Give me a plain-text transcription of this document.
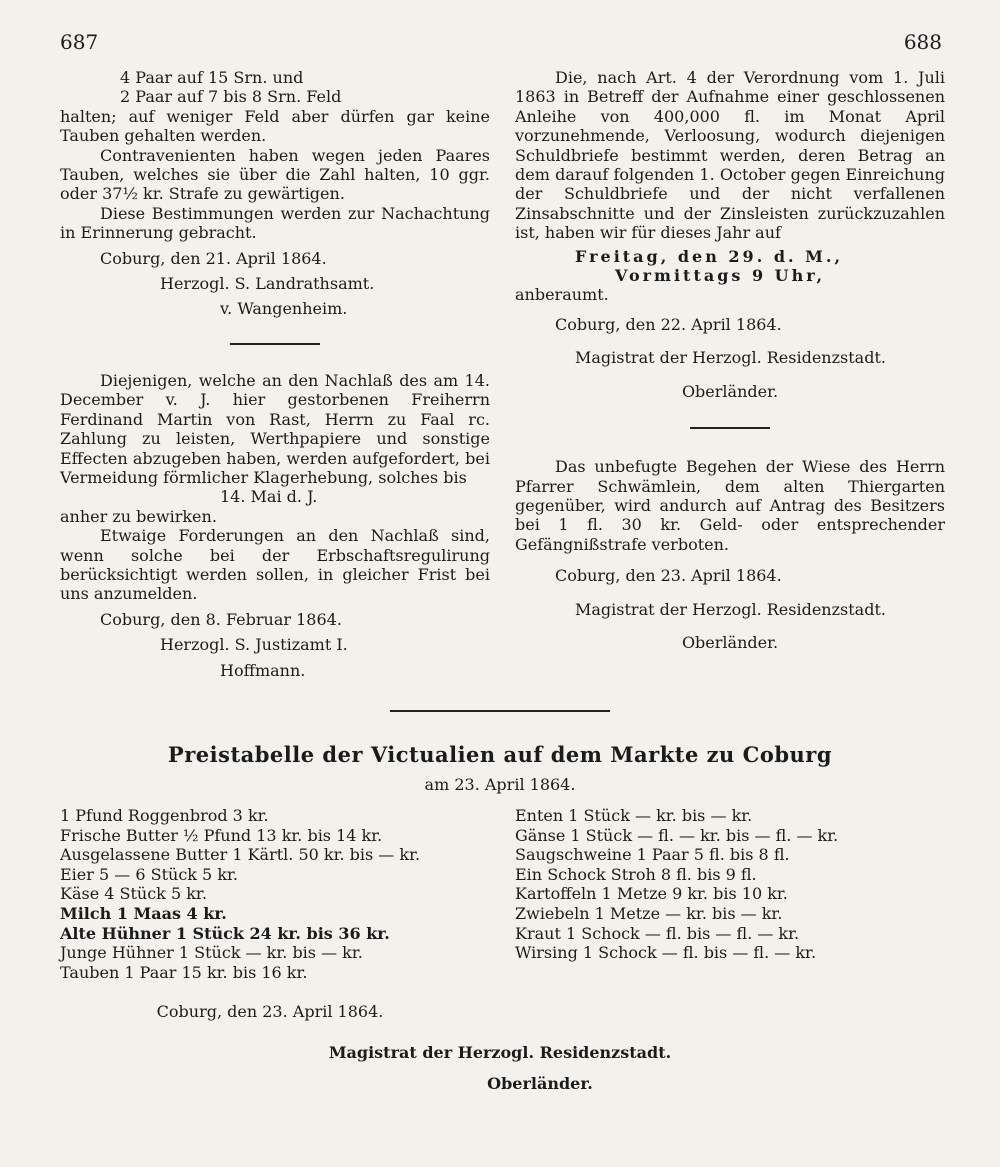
687	688

4 Paar auf 15 Srn. und

2 Paar auf 7 bis 8 Srn. Feld

halten; auf weniger Feld aber dürfen gar keine Tauben gehalten werden.

Contravenienten haben wegen jeden Paares Tauben, welches sie über die Zahl halten, 10 ggr. oder 37½ kr. Strafe zu gewärtigen.

Diese Bestimmungen werden zur Nachachtung in Erinnerung gebracht.

Coburg, den 21. April 1864.

Herzogl. S. Landrathsamt.

v. Wangenheim.

Diejenigen, welche an den Nachlaß des am 14. December v. J. hier gestorbenen Freiherrn Ferdinand Martin von Rast, Herrn zu Faal rc. Zahlung zu leisten, Werthpapiere und sonstige Effecten abzugeben haben, werden aufgefordert, bei Vermeidung förmlicher Klagerhebung, solches bis

14. Mai d. J.

anher zu bewirken.

Etwaige Forderungen an den Nachlaß sind, wenn solche bei der Erbschaftsregulirung berücksichtigt werden sollen, in gleicher Frist bei uns anzumelden.

Coburg, den 8. Februar 1864.

Herzogl. S. Justizamt I.

Hoffmann.

Die, nach Art. 4 der Verordnung vom 1. Juli 1863 in Betreff der Aufnahme einer geschlossenen Anleihe von 400,000 fl. im Monat April vorzunehmende, Verloosung, wodurch diejenigen Schuldbriefe bestimmt werden, deren Betrag an dem darauf folgenden 1. October gegen Einreichung der Schuldbriefe und der nicht verfallenen Zinsabschnitte und der Zinsleisten zurückzuzahlen ist, haben wir für dieses Jahr auf

Freitag, den 29. d. M.,

Vormittags 9 Uhr,

anberaumt.

Coburg, den 22. April 1864.

Magistrat der Herzogl. Residenzstadt.

Oberländer.

Das unbefugte Begehen der Wiese des Herrn Pfarrer Schwämlein, dem alten Thiergarten gegenüber, wird andurch auf Antrag des Besitzers bei 1 fl. 30 kr. Geld- oder entsprechender Gefängnißstrafe verboten.

Coburg, den 23. April 1864.

Magistrat der Herzogl. Residenzstadt.

Oberländer.

Preistabelle der Victualien auf dem Markte zu Coburg
am 23. April 1864.
1 Pfund Roggenbrod 3 kr.
Frische Butter ½ Pfund 13 kr. bis 14 kr.
Ausgelassene Butter 1 Kärtl. 50 kr. bis — kr.
Eier 5 — 6 Stück 5 kr.
Käse 4 Stück 5 kr.
Milch 1 Maas 4 kr.
Alte Hühner 1 Stück 24 kr. bis 36 kr.
Junge Hühner 1 Stück — kr. bis — kr.
Tauben 1 Paar 15 kr. bis 16 kr.
Enten 1 Stück — kr. bis — kr.
Gänse 1 Stück — fl. — kr. bis — fl. — kr.
Saugschweine 1 Paar 5 fl. bis 8 fl.
Ein Schock Stroh 8 fl. bis 9 fl.
Kartoffeln 1 Metze 9 kr. bis 10 kr.
Zwiebeln 1 Metze — kr. bis — kr.
Kraut 1 Schock — fl. bis — fl. — kr.
Wirsing 1 Schock — fl. bis — fl. — kr.
Coburg, den 23. April 1864.
Magistrat der Herzogl. Residenzstadt.
Oberländer.
